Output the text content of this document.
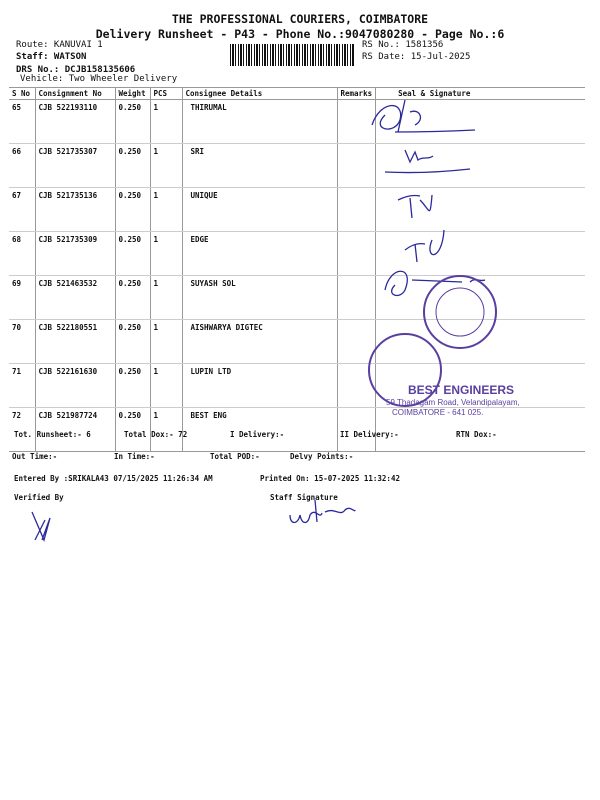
THE PROFESSIONAL COURIERS, COIMBATORE
Delivery Runsheet - P43 - Phone No.:9047080280 - Page No.:6
Route: KANUVAI 1
Staff: WATSON
DRS No.: DCJB158135606
Vehicle: Two Wheeler Delivery
RS No.: 1581356
RS Date: 15-Jul-2025
S No	Consignment No	Weight	PCS	Consignee Details	Remarks	Seal & Signature
65	CJB 522193110	0.250	1	THIRUMAL		
66	CJB 521735307	0.250	1	SRI		
67	CJB 521735136	0.250	1	UNIQUE		
68	CJB 521735309	0.250	1	EDGE		
69	CJB 521463532	0.250	1	SUYASH SOL		
70	CJB 522180551	0.250	1	AISHWARYA DIGTEC		
71	CJB 522161630	0.250	1	LUPIN LTD		
72	CJB 521987724	0.250	1	BEST ENG		
BEST ENGINEERS
59 Thadagam Road, Velandipalayam,
COIMBATORE - 641 025.
Tot. Runsheet:- 6	Total Dox:- 72	I Delivery:-	II Delivery:-	RTN Dox:-
Out Time:-	In Time:-	Total POD:-	Delvy Points:-
Entered By :SRIKALA43 07/15/2025 11:26:34 AM	Printed On: 15-07-2025 11:32:42
Verified By	Staff Signature
